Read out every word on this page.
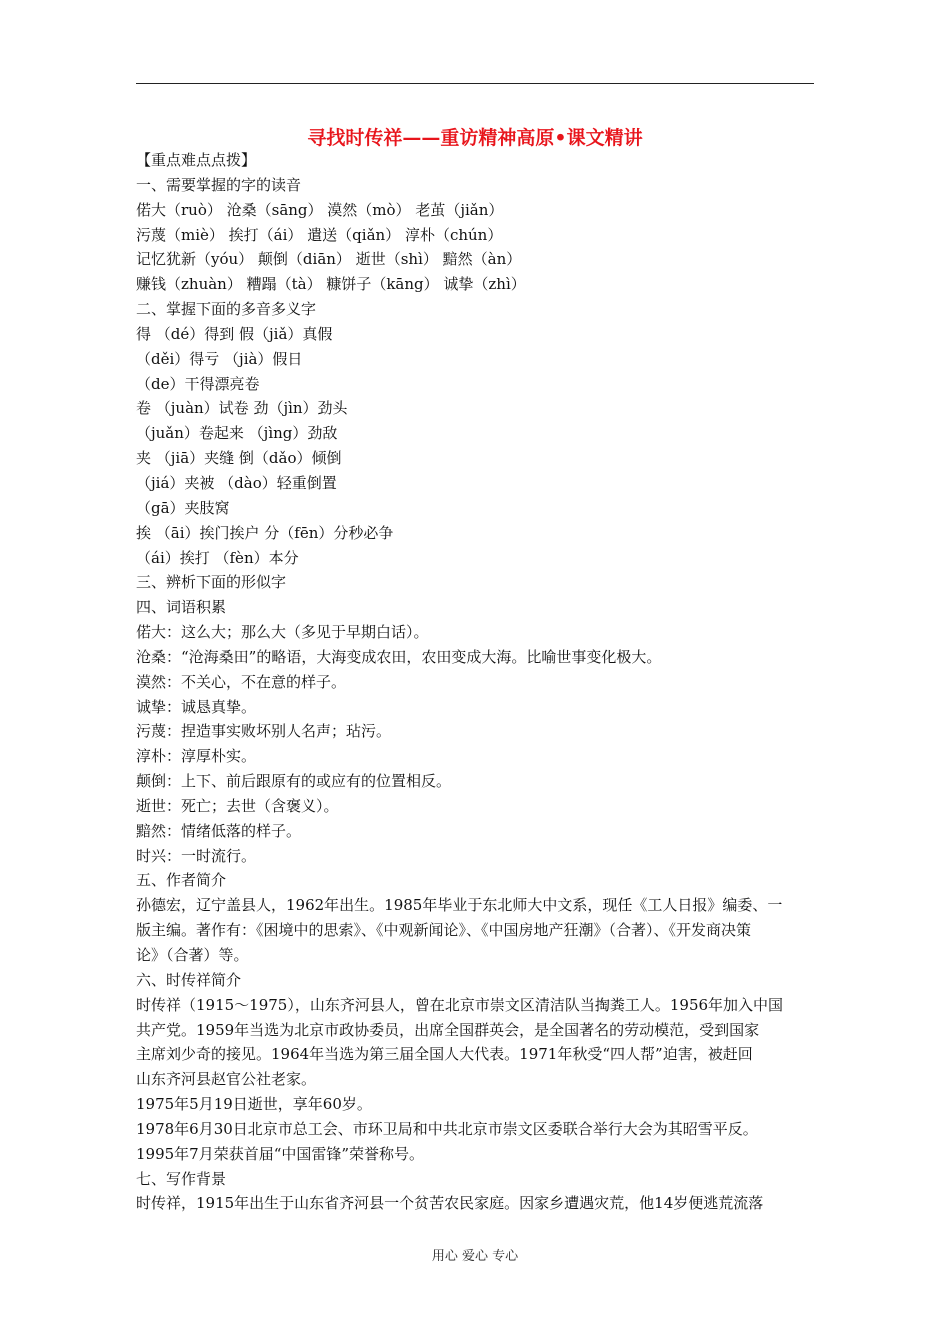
寻找时传祥——重访精神高原•课文精讲
【重点难点点拨】
一、需要掌握的字的读音
偌大（ruò） 沧桑（sāng） 漠然（mò） 老茧（jiǎn）
污蔑（miè） 挨打（ái） 遣送（qiǎn） 淳朴（chún）
记忆犹新（yóu） 颠倒（diān） 逝世（shì） 黯然（àn）
赚钱（zhuàn） 糟蹋（tà） 糠饼子（kāng） 诚挚（zhì）
二、掌握下面的多音多义字
得 （dé）得到 假（jiǎ）真假
（děi）得亏 （jià）假日
（de）干得漂亮卷
卷 （juàn）试卷 劲（jìn）劲头
（juǎn）卷起来 （jìng）劲敌
夹 （jiā）夹缝 倒（dǎo）倾倒
（jiá）夹被 （dào）轻重倒置
（gā）夹肢窝
挨 （āi）挨门挨户 分（fēn）分秒必争
（ái）挨打 （fèn）本分
三、辨析下面的形似字
四、词语积累
偌大：这么大；那么大（多见于早期白话）。
沧桑：“沧海桑田”的略语，大海变成农田，农田变成大海。比喻世事变化极大。
漠然：不关心，不在意的样子。
诚挚：诚恳真挚。
污蔑：捏造事实败坏别人名声；玷污。
淳朴：淳厚朴实。
颠倒：上下、前后跟原有的或应有的位置相反。
逝世：死亡；去世（含褒义）。
黯然：情绪低落的样子。
时兴：一时流行。
五、作者简介
孙德宏，辽宁盖县人，1962年出生。1985年毕业于东北师大中文系，现任《工人日报》编委、一
版主编。著作有：《困境中的思索》、《中观新闻论》、《中国房地产狂潮》（合著）、《开发商决策
论》（合著）等。
六、时传祥简介
时传祥（1915～1975），山东齐河县人，曾在北京市崇文区清洁队当掏粪工人。1956年加入中国
共产党。1959年当选为北京市政协委员，出席全国群英会，是全国著名的劳动模范，受到国家
主席刘少奇的接见。1964年当选为第三届全国人大代表。1971年秋受“四人帮”迫害，被赶回
山东齐河县赵官公社老家。
1975年5月19日逝世，享年60岁。
1978年6月30日北京市总工会、市环卫局和中共北京市崇文区委联合举行大会为其昭雪平反。
1995年7月荣获首届“中国雷锋”荣誉称号。
七、写作背景
时传祥，1915年出生于山东省齐河县一个贫苦农民家庭。因家乡遭遇灾荒，他14岁便逃荒流落
用心 爱心 专心
